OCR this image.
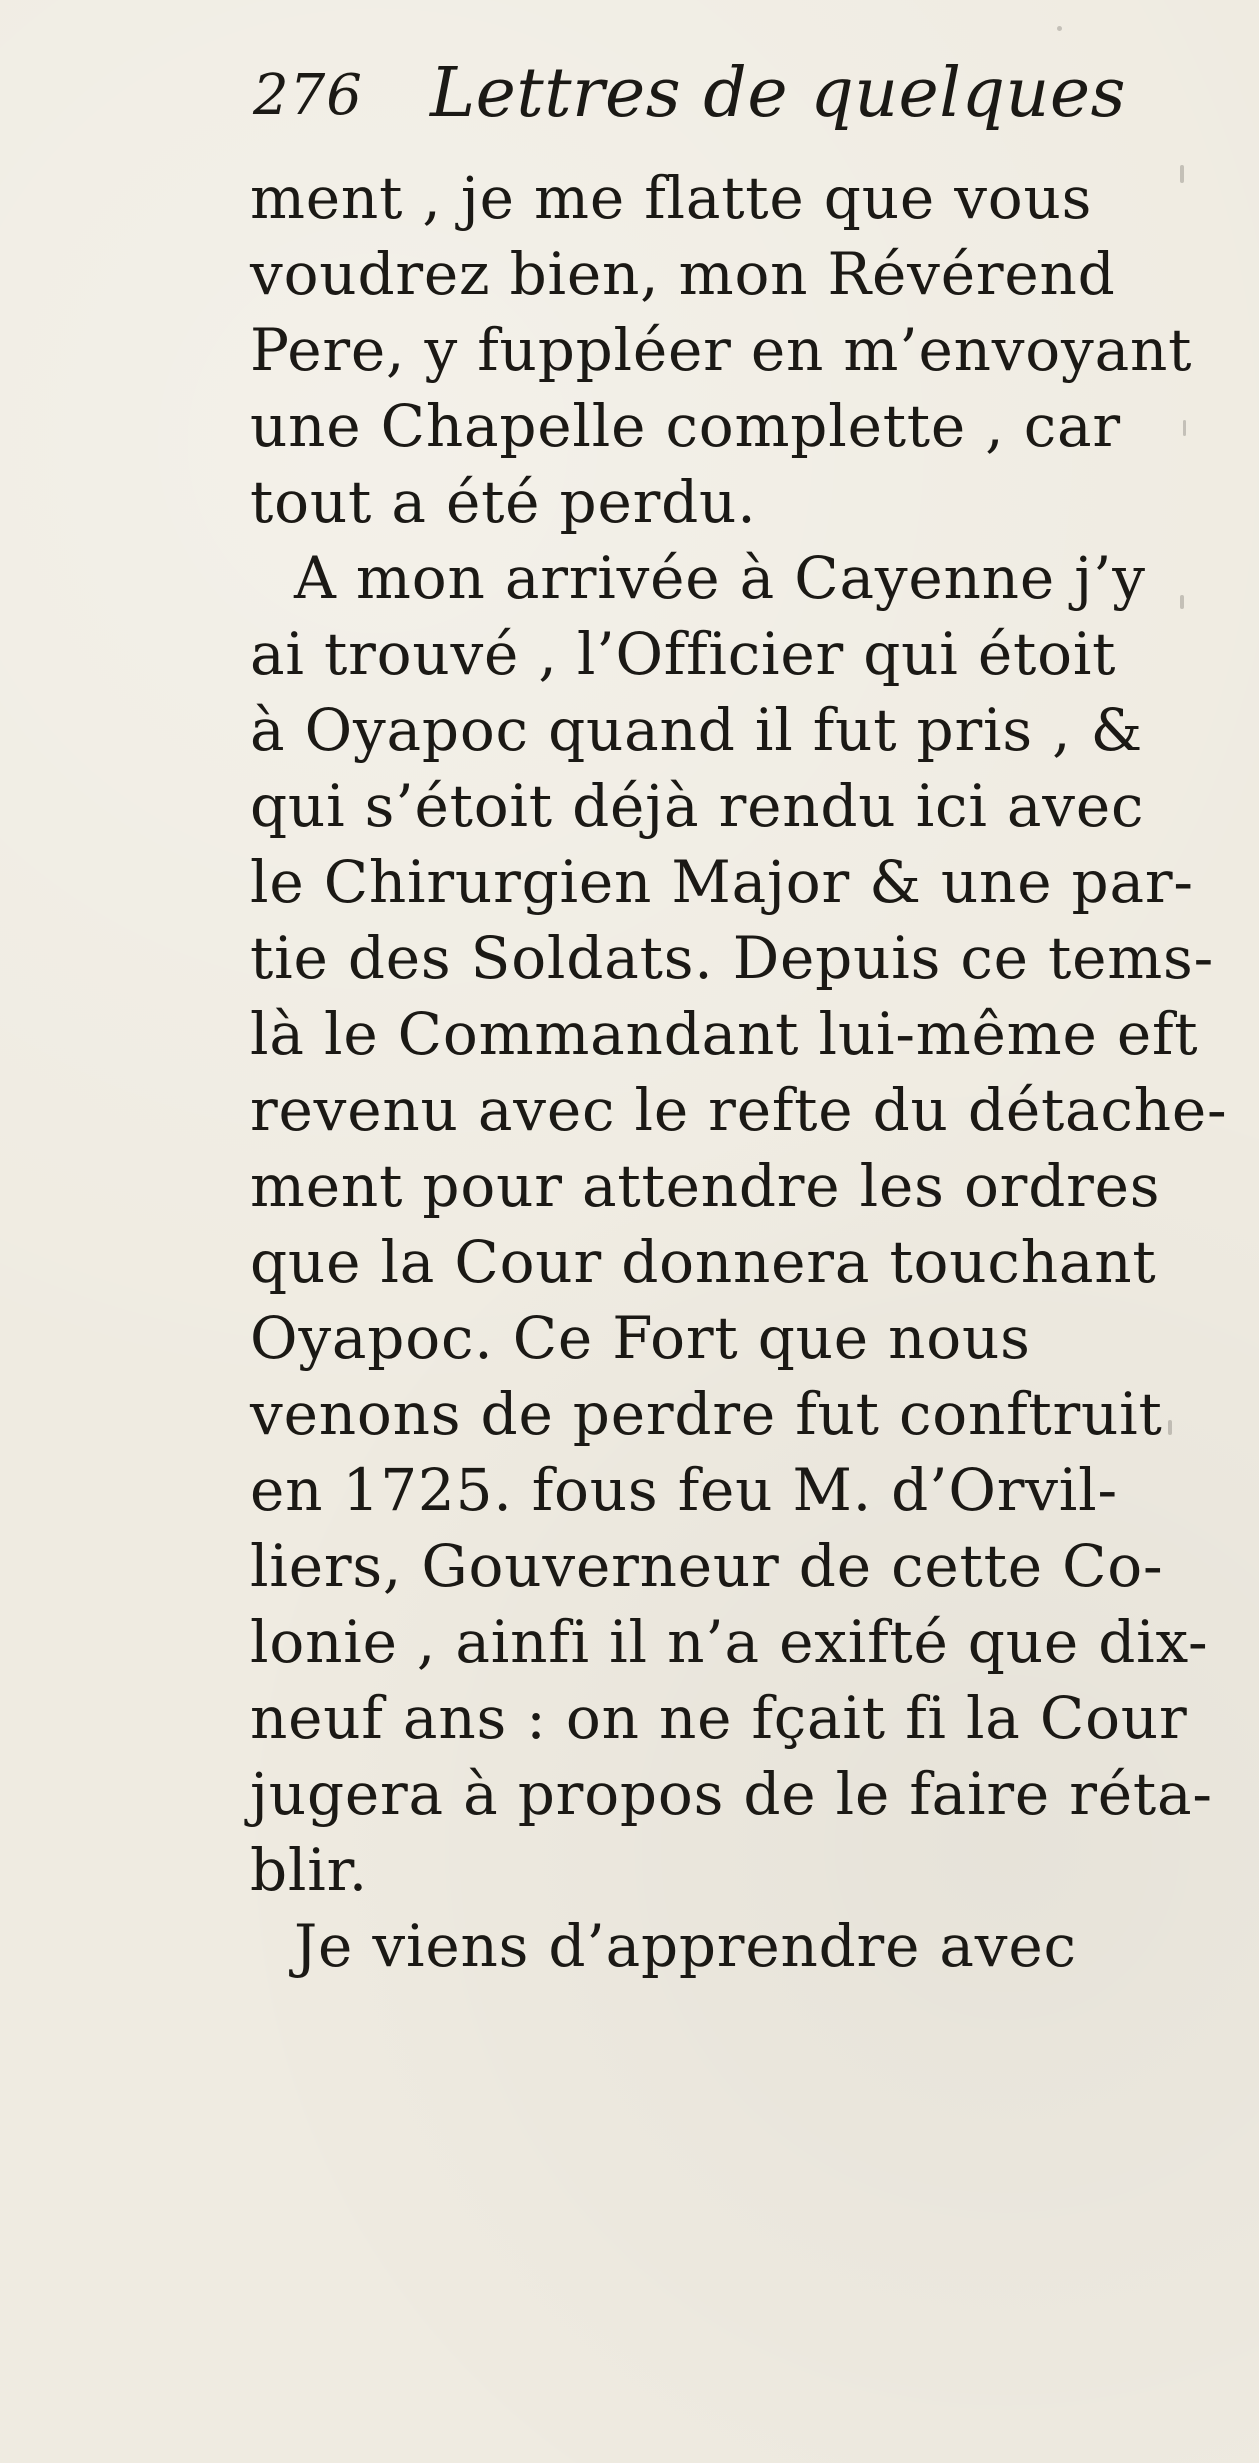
276 Lettres de quelques
ment , je me flatte que vous
voudrez bien, mon Révérend
Pere, y fuppléer en m’envoyant
une Chapelle complette , car
tout a été perdu.
A mon arrivée à Cayenne j’y
ai trouvé , l’Officier qui étoit
à Oyapoc quand il fut pris , &
qui s’étoit déjà rendu ici avec
le Chirurgien Major & une par-
tie des Soldats. Depuis ce tems-
là le Commandant lui-même eft
revenu avec le refte du détache-
ment pour attendre les ordres
que la Cour donnera touchant
Oyapoc. Ce Fort que nous
venons de perdre fut conftruit
en 1725. fous feu M. d’Orvil-
liers, Gouverneur de cette Co-
lonie , ainfi il n’a exifté que dix-
neuf ans : on ne fçait fi la Cour
jugera à propos de le faire réta-
blir.
Je viens d’apprendre avec
